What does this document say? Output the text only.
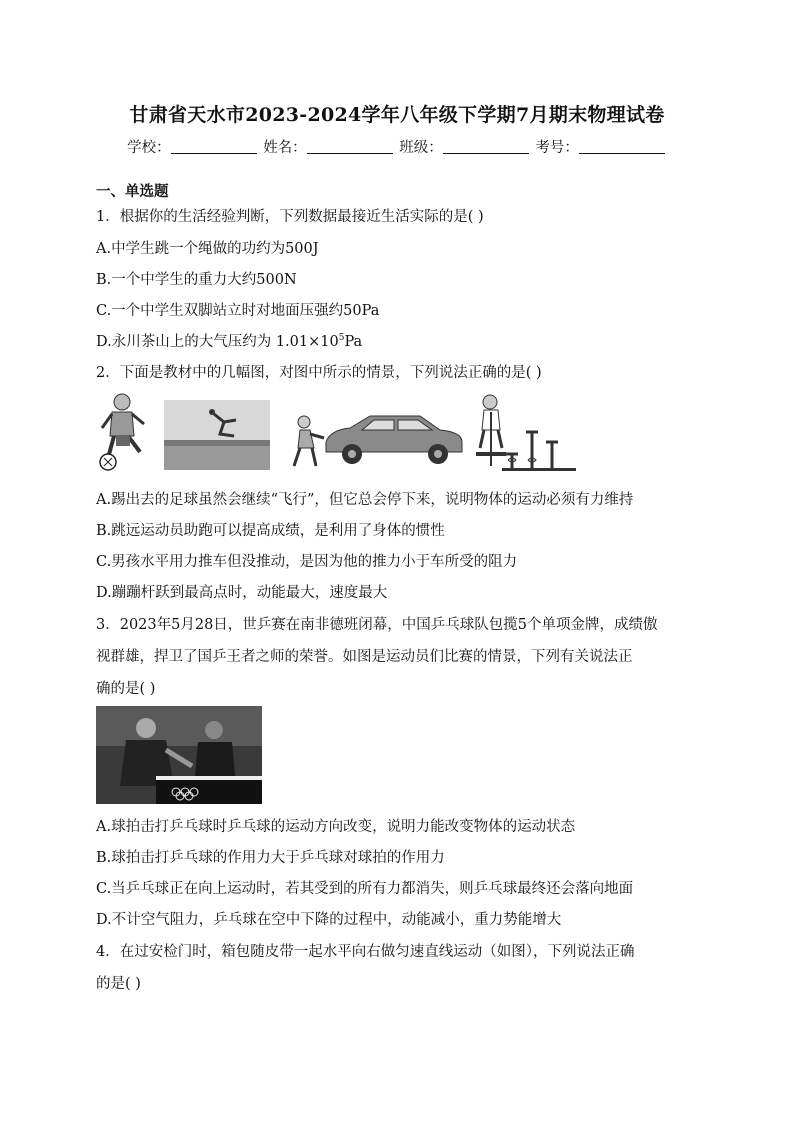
甘肃省天水市2023-2024学年八年级下学期7月期末物理试卷
学校：	姓名：	班级：	考号：
一、单选题
1．根据你的生活经验判断，下列数据最接近生活实际的是( )
A.中学生跳一个绳做的功约为500J
B.一个中学生的重力大约500N
C.一个中学生双脚站立时对地面压强约50Pa
D.永川茶山上的大气压约为 $1.01\times 10^5Pa$
2．下面是教材中的几幅图，对图中所示的情景，下列说法正确的是( )
A.踢出去的足球虽然会继续“飞行”，但它总会停下来，说明物体的运动必须有力维持
B.跳远运动员助跑可以提高成绩，是利用了身体的惯性
C.男孩水平用力推车但没推动，是因为他的推力小于车所受的阻力
D.蹦蹦杆跃到最高点时，动能最大，速度最大
3．2023年5月28日，世乒赛在南非德班闭幕，中国乒乓球队包揽5个单项金牌，成绩傲
视群雄，捍卫了国乒王者之师的荣誉。如图是运动员们比赛的情景，下列有关说法正
确的是( )
A.球拍击打乒乓球时乒乓球的运动方向改变，说明力能改变物体的运动状态
B.球拍击打乒乓球的作用力大于乒乓球对球拍的作用力
C.当乒乓球正在向上运动时，若其受到的所有力都消失，则乒乓球最终还会落向地面
D.不计空气阻力，乒乓球在空中下降的过程中，动能减小，重力势能增大
4．在过安检门时，箱包随皮带一起水平向右做匀速直线运动（如图），下列说法正确
的是( )
